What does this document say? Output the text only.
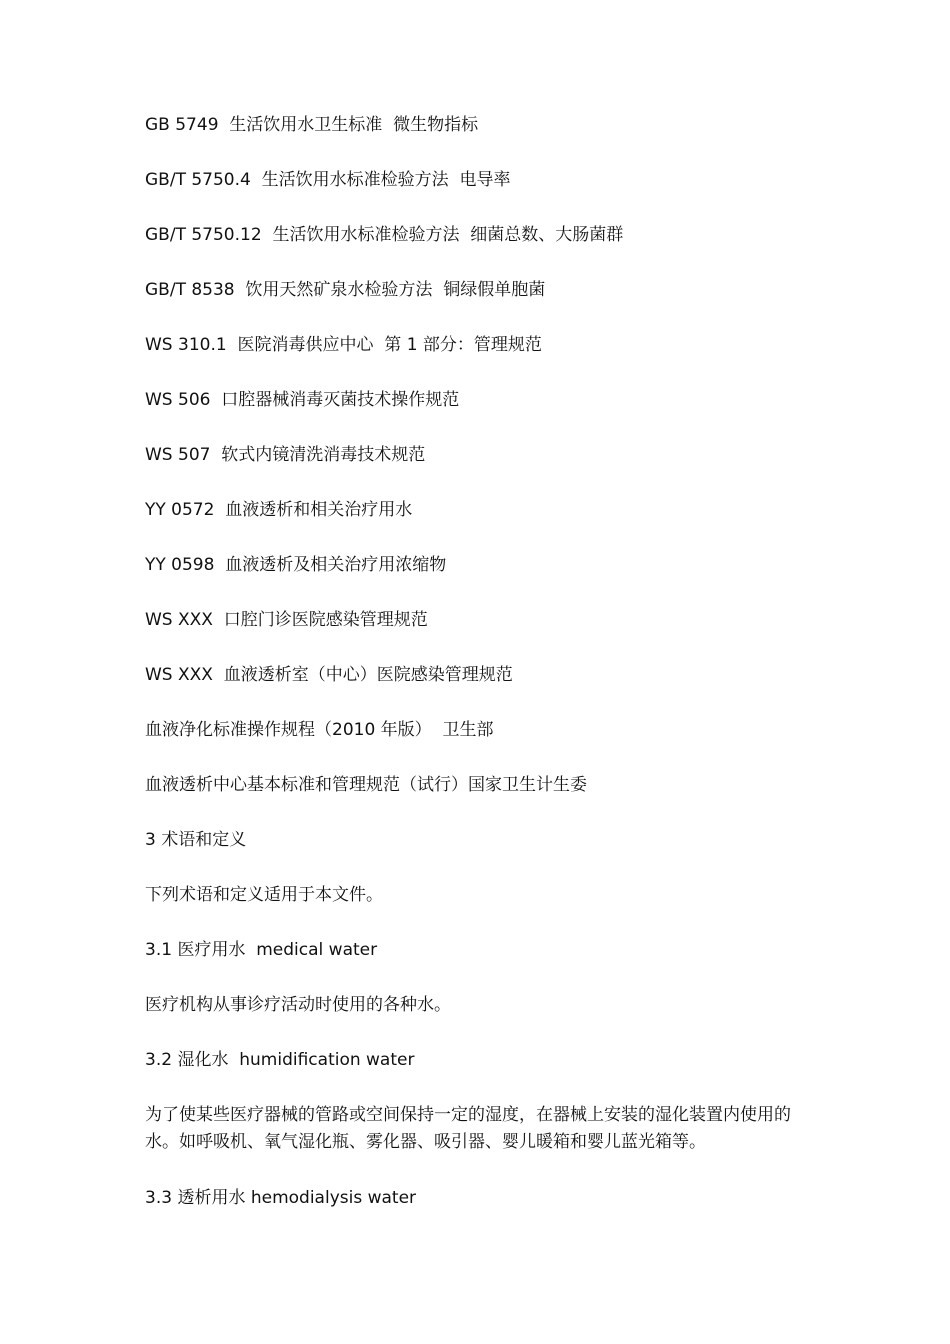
GB 5749  生活饮用水卫生标准  微生物指标
GB/T 5750.4  生活饮用水标准检验方法  电导率
GB/T 5750.12  生活饮用水标准检验方法  细菌总数、大肠菌群
GB/T 8538  饮用天然矿泉水检验方法  铜绿假单胞菌
WS 310.1  医院消毒供应中心  第 1 部分：管理规范
WS 506  口腔器械消毒灭菌技术操作规范
WS 507  软式内镜清洗消毒技术规范
YY 0572  血液透析和相关治疗用水
YY 0598  血液透析及相关治疗用浓缩物
WS XXX  口腔门诊医院感染管理规范
WS XXX  血液透析室（中心）医院感染管理规范
血液净化标准操作规程（2010 年版）  卫生部
血液透析中心基本标准和管理规范（试行）国家卫生计生委
3 术语和定义
下列术语和定义适用于本文件。
3.1 医疗用水  medical water
医疗机构从事诊疗活动时使用的各种水。
3.2 湿化水  humidification water
为了使某些医疗器械的管路或空间保持一定的湿度，在器械上安装的湿化装置内使用的水。如呼吸机、氧气湿化瓶、雾化器、吸引器、婴儿暖箱和婴儿蓝光箱等。
3.3 透析用水 hemodialysis water
